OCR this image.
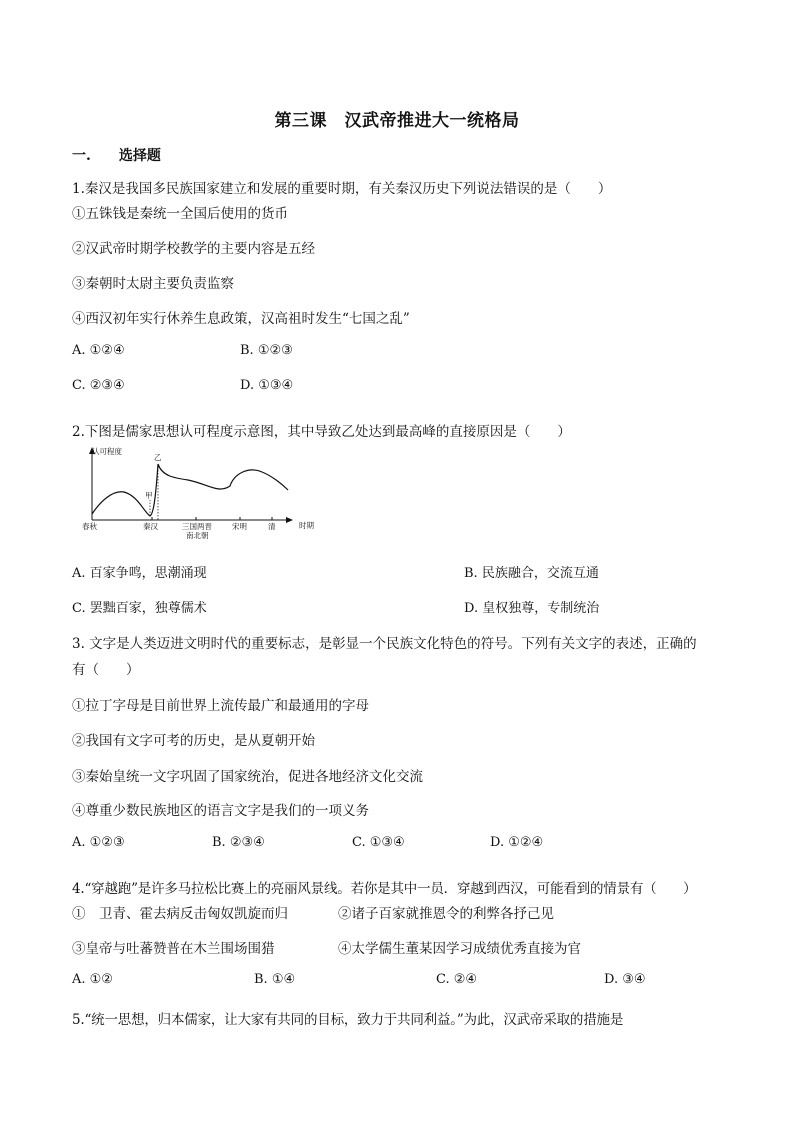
第三课　汉武帝推进大一统格局
一. 选择题
1.秦汉是我国多民族国家建立和发展的重要时期，有关秦汉历史下列说法错误的是（　　）
①五铢钱是秦统一全国后使用的货币
②汉武帝时期学校教学的主要内容是五经
③秦朝时太尉主要负责监察
④西汉初年实行休养生息政策，汉高祖时发生“七国之乱”
A. ①②④	B. ①②③
C. ②③④	D. ①③④
2.下图是儒家思想认可程度示意图，其中导致乙处达到最高峰的直接原因是（　　）
认可程度
时期
甲
乙
春秋	秦汉	三国两晋
南北朝
宋明	清
A. 百家争鸣，思潮涌现	B. 民族融合，交流互通
C. 罢黜百家，独尊儒术	D. 皇权独尊，专制统治
3. 文字是人类迈进文明时代的重要标志，是彰显一个民族文化特色的符号。下列有关文字的表述，正确的
有（　　）
①拉丁字母是目前世界上流传最广和最通用的字母
②我国有文字可考的历史，是从夏朝开始
③秦始皇统一文字巩固了国家统治，促进各地经济文化交流
④尊重少数民族地区的语言文字是我们的一项义务
A. ①②③	B. ②③④	C. ①③④	D. ①②④
4.“穿越跑”是许多马拉松比赛上的亮丽风景线。若你是其中一员．穿越到西汉，可能看到的情景有（　　）
①　卫青、霍去病反击匈奴凯旋而归	②诸子百家就推恩令的利弊各抒己见
③皇帝与吐蕃赞普在木兰围场围猎	④太学儒生董某因学习成绩优秀直接为官
A. ①②	B. ①④	C. ②④	D. ③④
5.“统一思想，归本儒家，让大家有共同的目标，致力于共同利益。”为此，汉武帝采取的措施是
